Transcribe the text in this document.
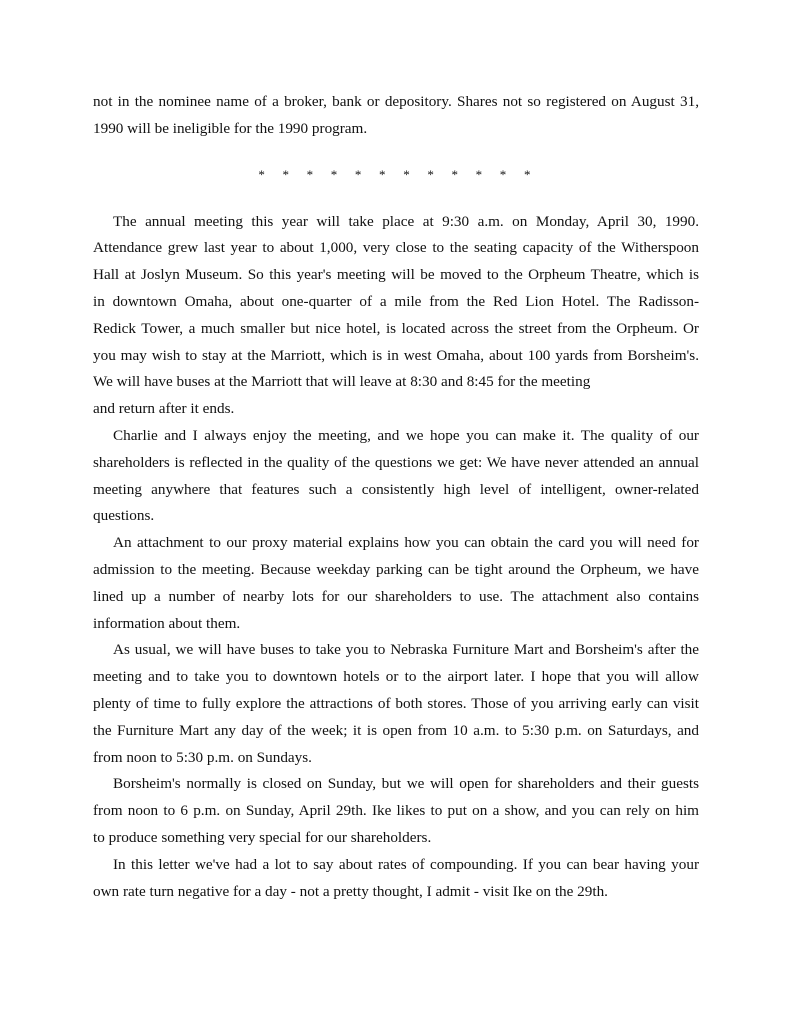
not in the nominee name of a broker, bank or depository. Shares not so registered on August 31,
1990 will be ineligible for the 1990 program.
* * * * * * * * * * * *
The annual meeting this year will take place at 9:30 a.m. on Monday, April 30, 1990.
Attendance grew last year to about 1,000, very close to the seating capacity of the Witherspoon
Hall at Joslyn Museum. So this year's meeting will be moved to the Orpheum Theatre, which is
in downtown Omaha, about one-quarter of a mile from the Red Lion Hotel. The Radisson-
Redick Tower, a much smaller but nice hotel, is located across the street from the Orpheum. Or
you may wish to stay at the Marriott, which is in west Omaha, about 100 yards from Borsheim's.
We will have buses at the Marriott that will leave at 8:30 and 8:45 for the meeting
and return after it ends.
Charlie and I always enjoy the meeting, and we hope you can make it. The quality of our
shareholders is reflected in the quality of the questions we get: We have never attended an annual
meeting anywhere that features such a consistently high level of intelligent, owner-related
questions.
An attachment to our proxy material explains how you can obtain the card you will need for
admission to the meeting. Because weekday parking can be tight around the Orpheum, we have
lined up a number of nearby lots for our shareholders to use. The attachment also contains
information about them.
As usual, we will have buses to take you to Nebraska Furniture Mart and Borsheim's after the
meeting and to take you to downtown hotels or to the airport later. I hope that you will allow
plenty of time to fully explore the attractions of both stores. Those of you arriving early can visit
the Furniture Mart any day of the week; it is open from 10 a.m. to 5:30 p.m. on Saturdays, and
from noon to 5:30 p.m. on Sundays.
Borsheim's normally is closed on Sunday, but we will open for shareholders and their guests
from noon to 6 p.m. on Sunday, April 29th. Ike likes to put on a show, and you can rely on him
to produce something very special for our shareholders.
In this letter we've had a lot to say about rates of compounding. If you can bear having your
own rate turn negative for a day - not a pretty thought, I admit - visit Ike on the 29th.
